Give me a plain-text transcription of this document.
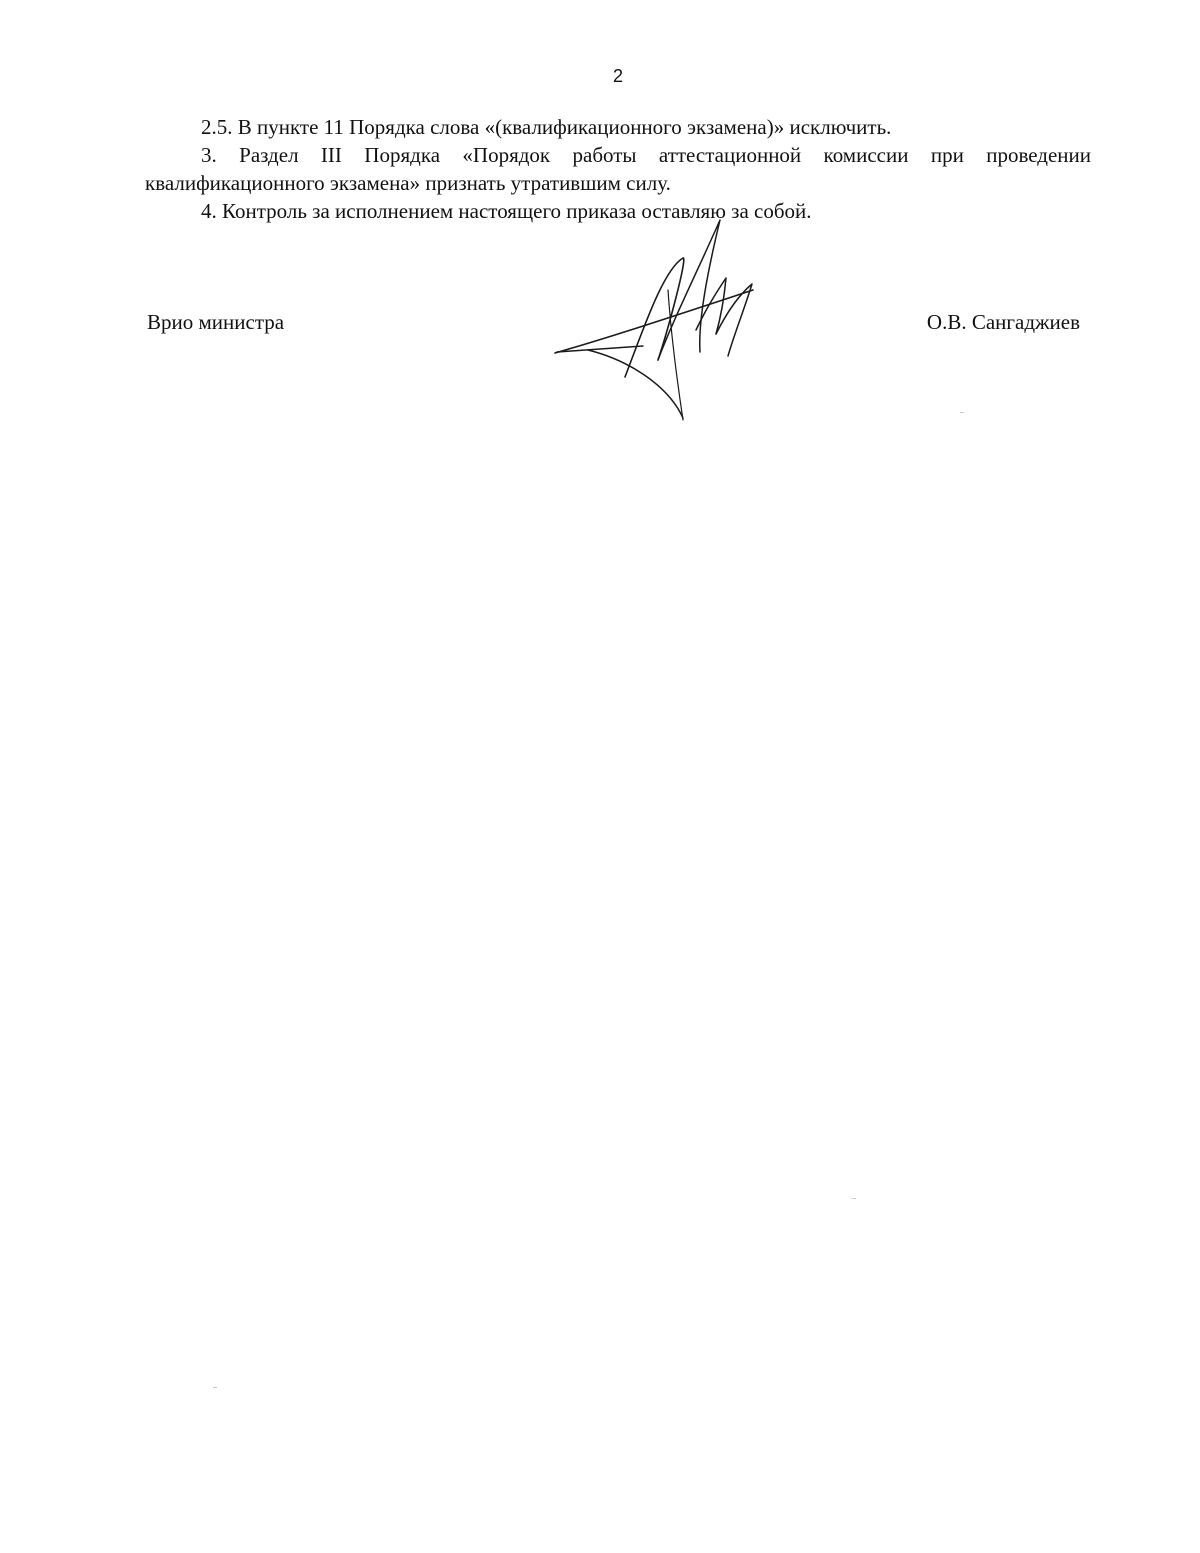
2

2.5. В пункте 11 Порядка слова «(квалификационного экзамена)» исключить.

3. Раздел III Порядка «Порядок работы аттестационной комиссии при проведении квалификационного экзамена» признать утратившим силу.

4. Контроль за исполнением настоящего приказа оставляю за собой.

Врио министра	О.В. Сангаджиев
